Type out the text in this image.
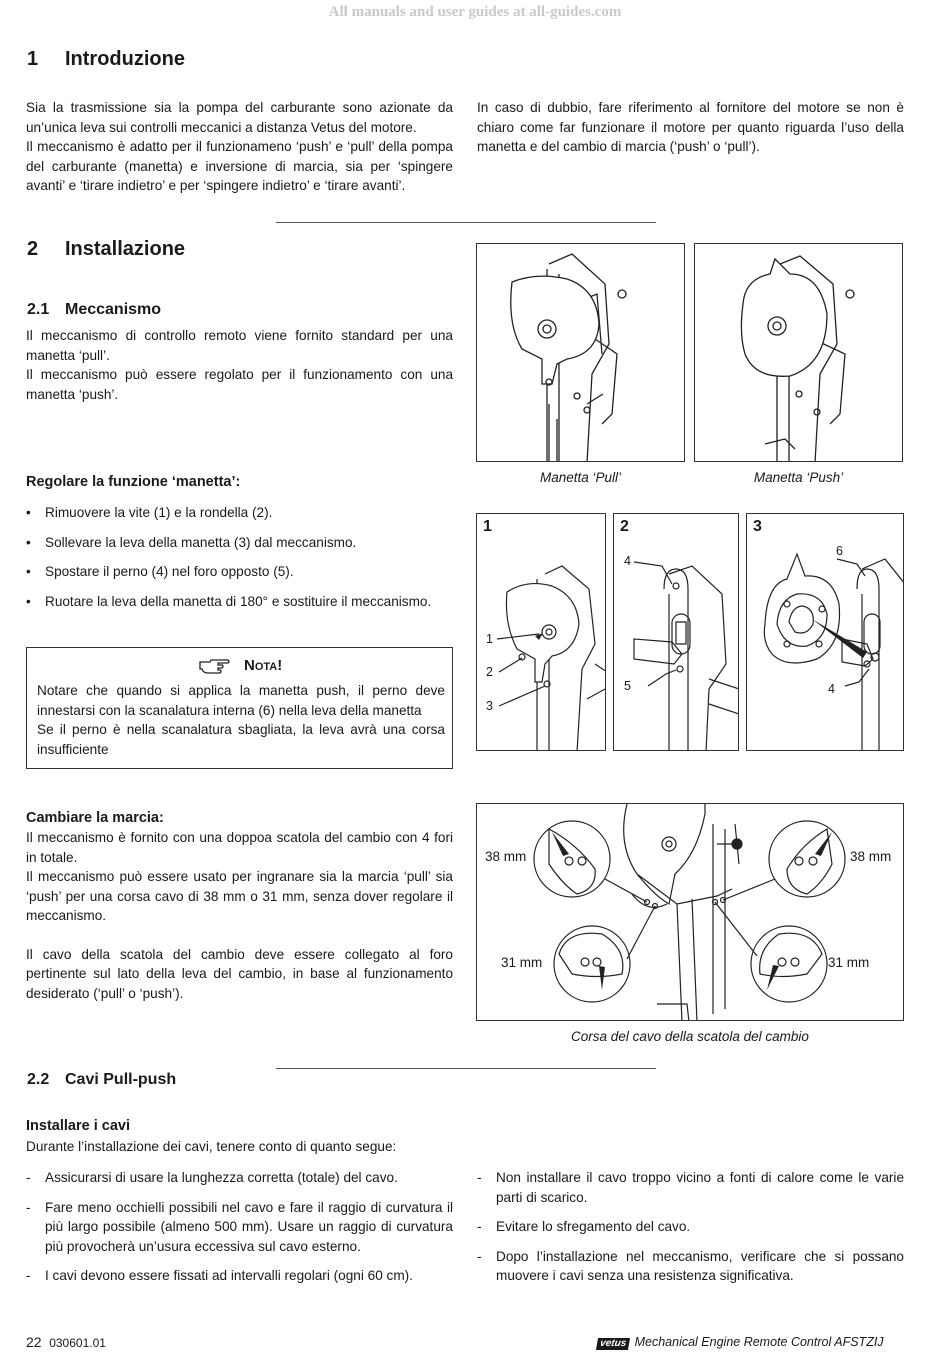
All manuals and user guides at all-guides.com
1 Introduzione

Sia la trasmissione sia la pompa del carburante sono azionate da un’unica leva sui controlli meccanici a distanza Vetus del motore.

Il meccanismo è adatto per il funzionameno ‘push’ e ‘pull’ della pompa del carburante (manetta) e inversione di marcia, sia per ‘spingere avanti’ e ‘tirare indietro’ e per ‘spingere indietro’ e ‘tirare avanti’.

In caso di dubbio, fare riferimento al fornitore del motore se non è chiaro come far funzionare il motore per quanto riguarda l’uso della manetta e del cambio di marcia (‘push’ o ‘pull’).
2 Installazione
2.1 Meccanismo

Il meccanismo di controllo remoto viene fornito standard per una manetta ‘pull’.

Il meccanismo può essere regolato per il funzionamento con una manetta ‘push’.

Regolare la funzione ‘manetta’:
• Rimuovere la vite (1) e la rondella (2).
• Sollevare la leva della manetta (3) dal meccanismo.
• Spostare il perno (4) nel foro opposto (5).
• Ruotare la leva della manetta di 180° e sostituire il meccanismo.
Nota!

Notare che quando si applica la manetta push, il perno deve innestarsi con la scanalatura interna (6) nella leva della manetta

Se il perno è nella scanalatura sbagliata, la leva avrà una corsa insufficiente

Cambiare la marcia:

Il meccanismo è fornito con una doppoa scatola del cambio con 4 fori in totale.

Il meccanismo può essere usato per ingranare sia la marcia ‘pull’ sia ‘push’ per una corsa cavo di 38 mm o 31 mm, senza dover regolare il meccanismo.

Il cavo della scatola del cambio deve essere collegato al foro pertinente sul lato della leva del cambio, in base al funzionamento desiderato (‘pull’ o ‘push’).

2.2 Cavi Pull-push
Installare i cavi
Durante l’installazione dei cavi, tenere conto di quanto segue:
- Assicurarsi di usare la lunghezza corretta (totale) del cavo.
- Fare meno occhielli possibili nel cavo e fare il raggio di curvatura il più largo possibile (almeno 500 mm). Usare un raggio di curvatura più provocherà un’usura eccessiva sul cavo esterno.
- I cavi devono essere fissati ad intervalli regolari (ogni 60 cm).
- Non installare il cavo troppo vicino a fonti di calore come le varie parti di scarico.
- Evitare lo sfregamento del cavo.
- Dopo l’installazione nel meccanismo, verificare che si possano muovere i cavi senza una resistenza significativa.
Manetta ‘Pull’	Manetta ‘Push’
1
1
2
3
2
4
5
3
6
4
38 mm	38 mm
31 mm	31 mm
Corsa del cavo della scatola del cambio
22 030601.01	vetus Mechanical Engine Remote Control AFSTZIJ
